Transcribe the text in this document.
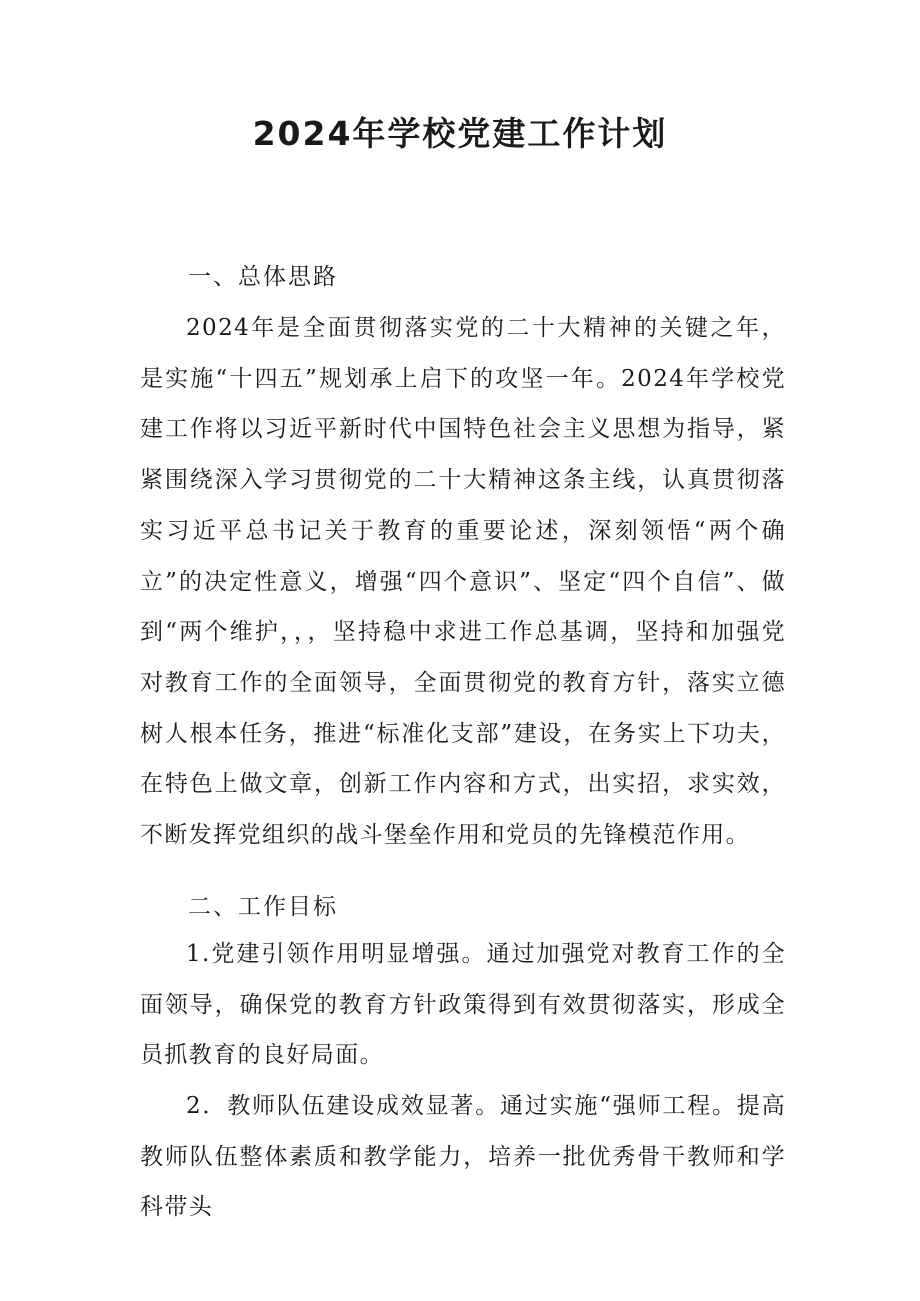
2024年学校党建工作计划
一、总体思路

2024年是全面贯彻落实党的二十大精神的关键之年，是实施“十四五”规划承上启下的攻坚一年。2024年学校党建工作将以习近平新时代中国特色社会主义思想为指导，紧紧围绕深入学习贯彻党的二十大精神这条主线，认真贯彻落实习近平总书记关于教育的重要论述，深刻领悟“两个确立”的决定性意义，增强“四个意识”、坚定“四个自信”、做到“两个维护，，，坚持稳中求进工作总基调，坚持和加强党对教育工作的全面领导，全面贯彻党的教育方针，落实立德树人根本任务，推进“标准化支部”建设，在务实上下功夫，在特色上做文章，创新工作内容和方式，出实招，求实效，不断发挥党组织的战斗堡垒作用和党员的先锋模范作用。

二、工作目标

1.党建引领作用明显增强。通过加强党对教育工作的全面领导，确保党的教育方针政策得到有效贯彻落实，形成全员抓教育的良好局面。

2．教师队伍建设成效显著。通过实施“强师工程。提高教师队伍整体素质和教学能力，培养一批优秀骨干教师和学科带头
